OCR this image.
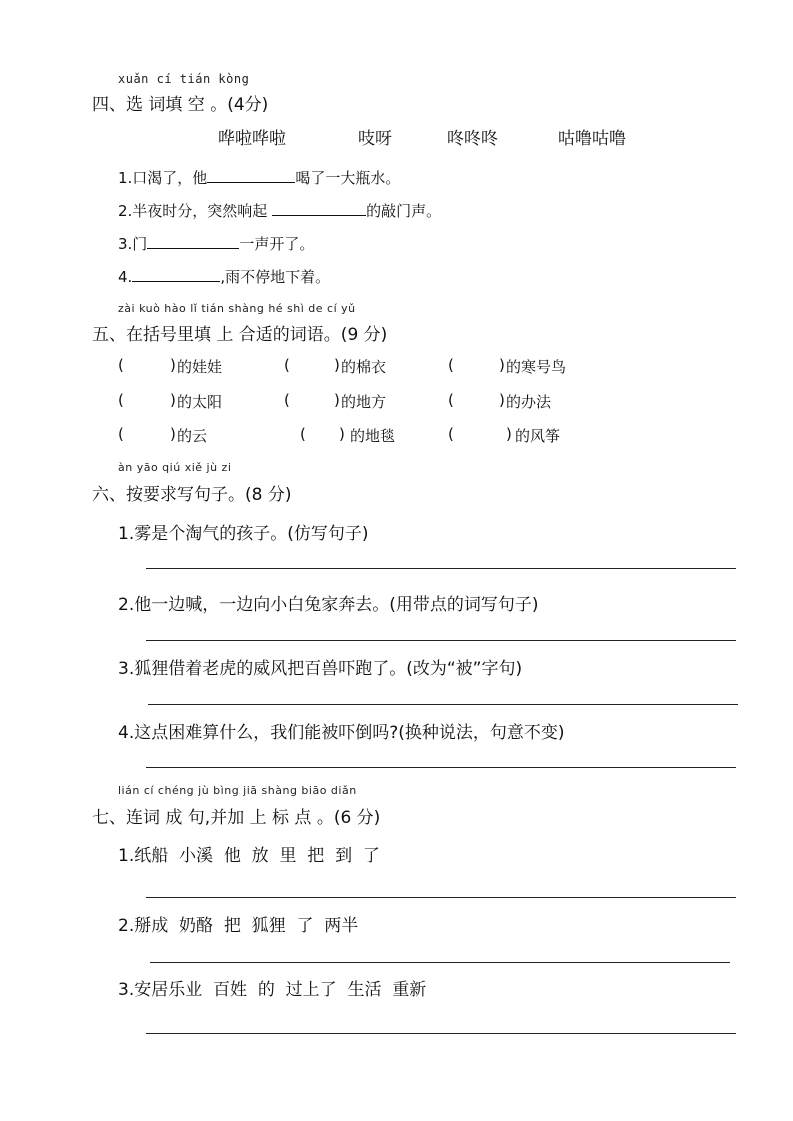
xuǎn cí tián kòng
四、选 词填 空 。(4分)
哗啦哗啦	吱呀	咚咚咚	咕噜咕噜
1.口渴了，他	喝了一大瓶水。
2.半夜时分，突然响起	的敲门声。
3.门	一声开了。
4.	,雨不停地下着。
zài kuò hào lǐ tián shàng hé shì de cí yǔ
五、在括号里填 上 合适的词语。(9 分)
(	) 的娃娃	(	) 的棉衣	(	) 的寒号鸟
(	) 的太阳	(	) 的地方	(	) 的办法
(	) 的云	( ) 的地毯	(	) 的风筝
àn yāo qiú xiě jù zi
六、按要求写句子。(8 分)
1.雾是个淘气的孩子。(仿写句子)
2.他一边喊，一边向小白兔家奔去。(用带点的词写句子)
3.狐狸借着老虎的威风把百兽吓跑了。(改为“被”字句)
4.这点困难算什么，我们能被吓倒吗?(换种说法，句意不变)
lián cí chéng jù bìng jiā shàng biāo diǎn
七、连词 成 句,并加 上 标 点 。(6 分)
1.纸船  小溪  他  放  里  把  到  了
2.掰成  奶酪  把  狐狸  了  两半
3.安居乐业  百姓  的  过上了  生活  重新
